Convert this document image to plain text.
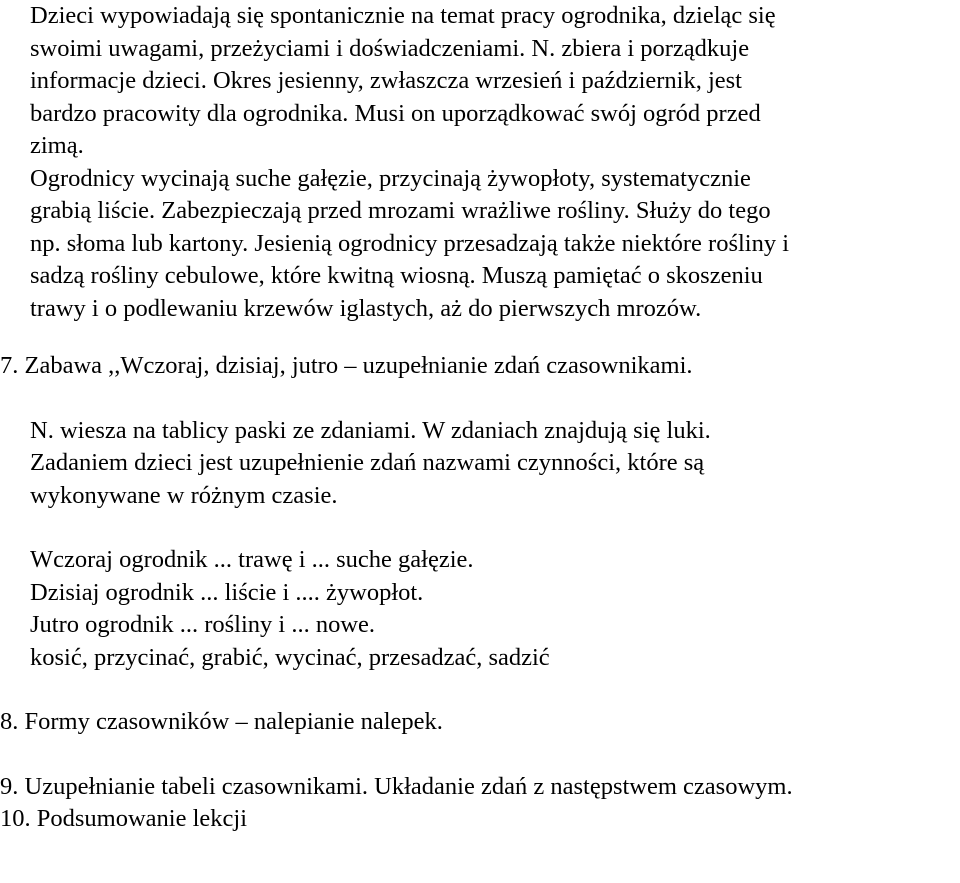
Dzieci wypowiadają się spontanicznie na temat pracy ogrodnika, dzieląc się
swoimi uwagami, przeżyciami i doświadczeniami. N. zbiera i porządkuje
informacje dzieci. Okres jesienny, zwłaszcza wrzesień i październik, jest
bardzo pracowity dla ogrodnika. Musi on uporządkować swój ogród przed
zimą.
Ogrodnicy wycinają suche gałęzie, przycinają żywopłoty, systematycznie
grabią liście. Zabezpieczają przed mrozami wrażliwe rośliny. Służy do tego
np. słoma lub kartony. Jesienią ogrodnicy przesadzają także niektóre rośliny i
sadzą rośliny cebulowe, które kwitną wiosną. Muszą pamiętać o skoszeniu
trawy i o podlewaniu krzewów iglastych, aż do pierwszych mrozów.
7. Zabawa ,,Wczoraj, dzisiaj, jutro – uzupełnianie zdań czasownikami.
N. wiesza na tablicy paski ze zdaniami. W zdaniach znajdują się luki.
Zadaniem dzieci jest uzupełnienie zdań nazwami czynności, które są
wykonywane w różnym czasie.
Wczoraj ogrodnik ... trawę i ... suche gałęzie.
Dzisiaj ogrodnik ... liście i .... żywopłot.
Jutro ogrodnik ... rośliny i ... nowe.
kosić, przycinać, grabić, wycinać, przesadzać, sadzić
8. Formy czasowników – nalepianie nalepek.
9. Uzupełnianie tabeli czasownikami. Układanie zdań z następstwem czasowym.
10. Podsumowanie lekcji
